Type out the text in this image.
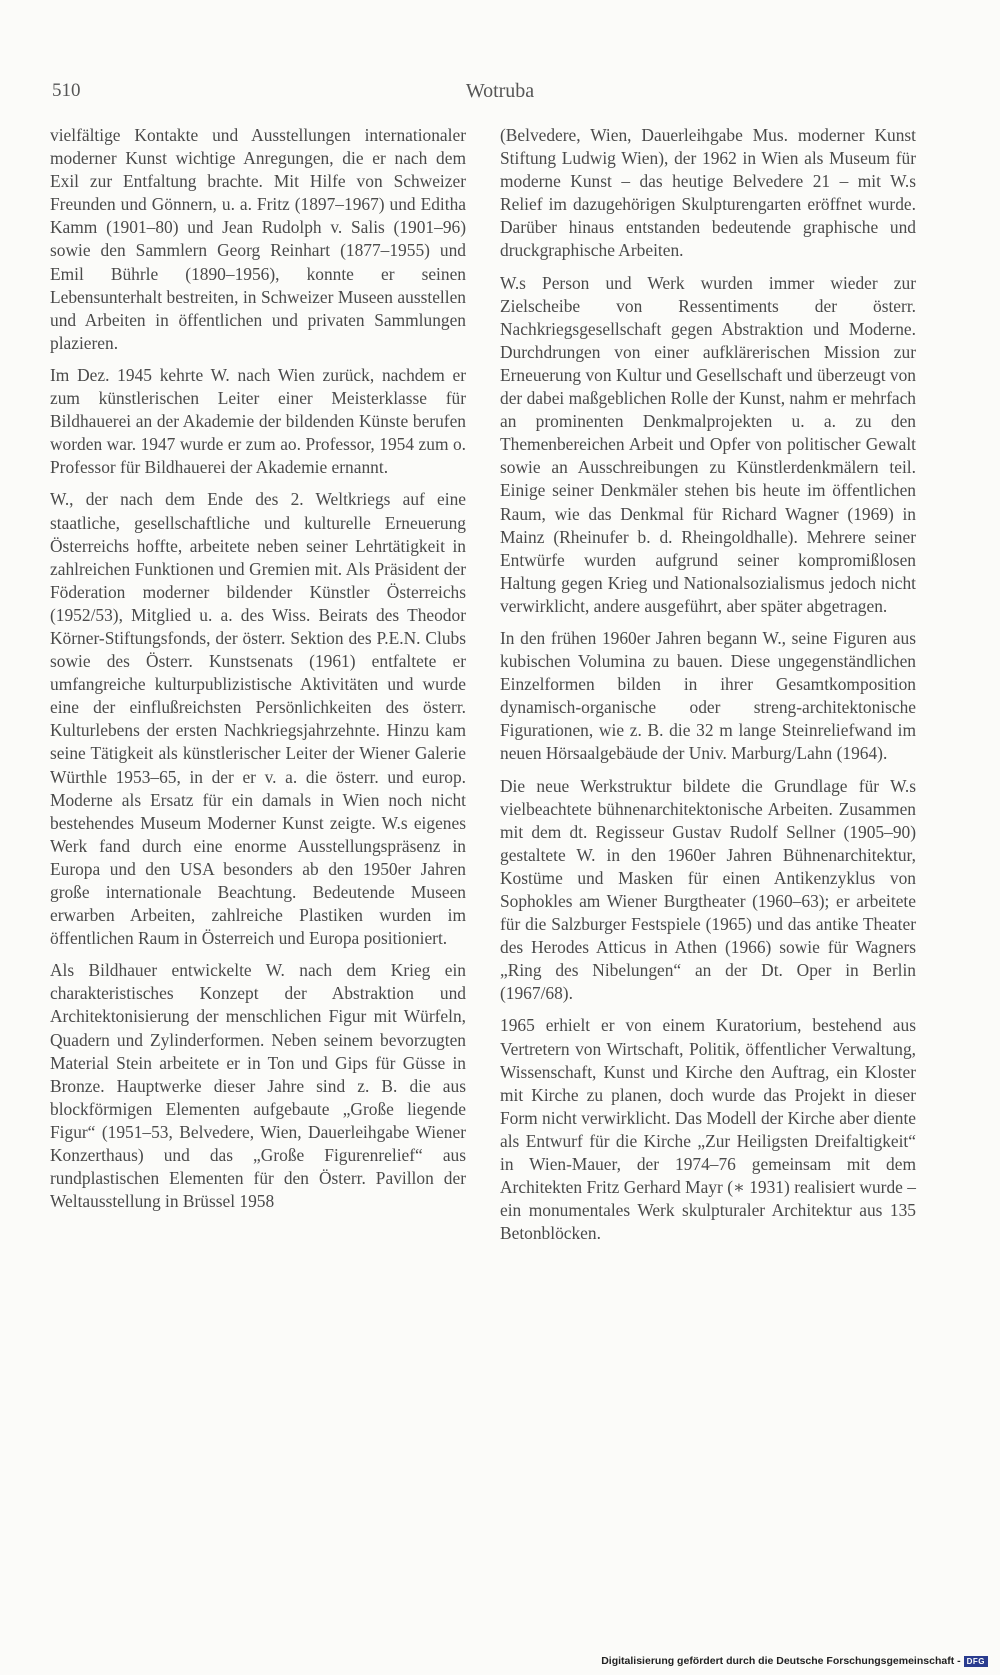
510	Wotruba

vielfältige Kontakte und Ausstellungen internationaler moderner Kunst wichtige Anregungen, die er nach dem Exil zur Entfaltung brachte. Mit Hilfe von Schweizer Freunden und Gönnern, u. a. Fritz (1897–1967) und Editha Kamm (1901–80) und Jean Rudolph v. Salis (1901–96) sowie den Sammlern Georg Reinhart (1877–1955) und Emil Bührle (1890–1956), konnte er seinen Lebensunterhalt bestreiten, in Schweizer Museen ausstellen und Arbeiten in öffentlichen und privaten Sammlungen plazieren.

Im Dez. 1945 kehrte W. nach Wien zurück, nachdem er zum künstlerischen Leiter einer Meisterklasse für Bildhauerei an der Akademie der bildenden Künste berufen worden war. 1947 wurde er zum ao. Professor, 1954 zum o. Professor für Bildhauerei der Akademie ernannt.

W., der nach dem Ende des 2. Weltkriegs auf eine staatliche, gesellschaftliche und kulturelle Erneuerung Österreichs hoffte, arbeitete neben seiner Lehrtätigkeit in zahlreichen Funktionen und Gremien mit. Als Präsident der Föderation moderner bildender Künstler Österreichs (1952/53), Mitglied u. a. des Wiss. Beirats des Theodor Körner-Stiftungsfonds, der österr. Sektion des P.E.N. Clubs sowie des Österr. Kunstsenats (1961) entfaltete er umfangreiche kulturpublizistische Aktivitäten und wurde eine der einflußreichsten Persönlichkeiten des österr. Kulturlebens der ersten Nachkriegsjahrzehnte. Hinzu kam seine Tätigkeit als künstlerischer Leiter der Wiener Galerie Würthle 1953–65, in der er v. a. die österr. und europ. Moderne als Ersatz für ein damals in Wien noch nicht bestehendes Museum Moderner Kunst zeigte. W.s eigenes Werk fand durch eine enorme Ausstellungspräsenz in Europa und den USA besonders ab den 1950er Jahren große internationale Beachtung. Bedeutende Museen erwarben Arbeiten, zahlreiche Plastiken wurden im öffentlichen Raum in Österreich und Europa positioniert.

Als Bildhauer entwickelte W. nach dem Krieg ein charakteristisches Konzept der Abstraktion und Architektonisierung der menschlichen Figur mit Würfeln, Quadern und Zylinderformen. Neben seinem bevorzugten Material Stein arbeitete er in Ton und Gips für Güsse in Bronze. Hauptwerke dieser Jahre sind z. B. die aus blockförmigen Elementen aufgebaute „Große liegende Figur“ (1951–53, Belvedere, Wien, Dauerleihgabe Wiener Konzerthaus) und das „Große Figurenrelief“ aus rundplastischen Elementen für den Österr. Pavillon der Weltausstellung in Brüssel 1958

(Belvedere, Wien, Dauerleihgabe Mus. moderner Kunst Stiftung Ludwig Wien), der 1962 in Wien als Museum für moderne Kunst – das heutige Belvedere 21 – mit W.s Relief im dazugehörigen Skulpturengarten eröffnet wurde. Darüber hinaus entstanden bedeutende graphische und druckgraphische Arbeiten.

W.s Person und Werk wurden immer wieder zur Zielscheibe von Ressentiments der österr. Nachkriegsgesellschaft gegen Abstraktion und Moderne. Durchdrungen von einer aufklärerischen Mission zur Erneuerung von Kultur und Gesellschaft und überzeugt von der dabei maßgeblichen Rolle der Kunst, nahm er mehrfach an prominenten Denkmalprojekten u. a. zu den Themenbereichen Arbeit und Opfer von politischer Gewalt sowie an Ausschreibungen zu Künstlerdenkmälern teil. Einige seiner Denkmäler stehen bis heute im öffentlichen Raum, wie das Denkmal für Richard Wagner (1969) in Mainz (Rheinufer b. d. Rheingoldhalle). Mehrere seiner Entwürfe wurden aufgrund seiner kompromißlosen Haltung gegen Krieg und Nationalsozialismus jedoch nicht verwirklicht, andere ausgeführt, aber später abgetragen.

In den frühen 1960er Jahren begann W., seine Figuren aus kubischen Volumina zu bauen. Diese ungegenständlichen Einzelformen bilden in ihrer Gesamtkomposition dynamisch-organische oder streng-architektonische Figurationen, wie z. B. die 32 m lange Steinreliefwand im neuen Hörsaalgebäude der Univ. Marburg/Lahn (1964).

Die neue Werkstruktur bildete die Grundlage für W.s vielbeachtete bühnenarchitektonische Arbeiten. Zusammen mit dem dt. Regisseur Gustav Rudolf Sellner (1905–90) gestaltete W. in den 1960er Jahren Bühnenarchitektur, Kostüme und Masken für einen Antikenzyklus von Sophokles am Wiener Burgtheater (1960–63); er arbeitete für die Salzburger Festspiele (1965) und das antike Theater des Herodes Atticus in Athen (1966) sowie für Wagners „Ring des Nibelungen“ an der Dt. Oper in Berlin (1967/68).

1965 erhielt er von einem Kuratorium, bestehend aus Vertretern von Wirtschaft, Politik, öffentlicher Verwaltung, Wissenschaft, Kunst und Kirche den Auftrag, ein Kloster mit Kirche zu planen, doch wurde das Projekt in dieser Form nicht verwirklicht. Das Modell der Kirche aber diente als Entwurf für die Kirche „Zur Heiligsten Dreifaltigkeit“ in Wien-Mauer, der 1974–76 gemeinsam mit dem Architekten Fritz Gerhard Mayr (∗ 1931) realisiert wurde – ein monumentales Werk skulpturaler Architektur aus 135 Betonblöcken.

Digitalisierung gefördert durch die Deutsche Forschungsgemeinschaft - DFG
